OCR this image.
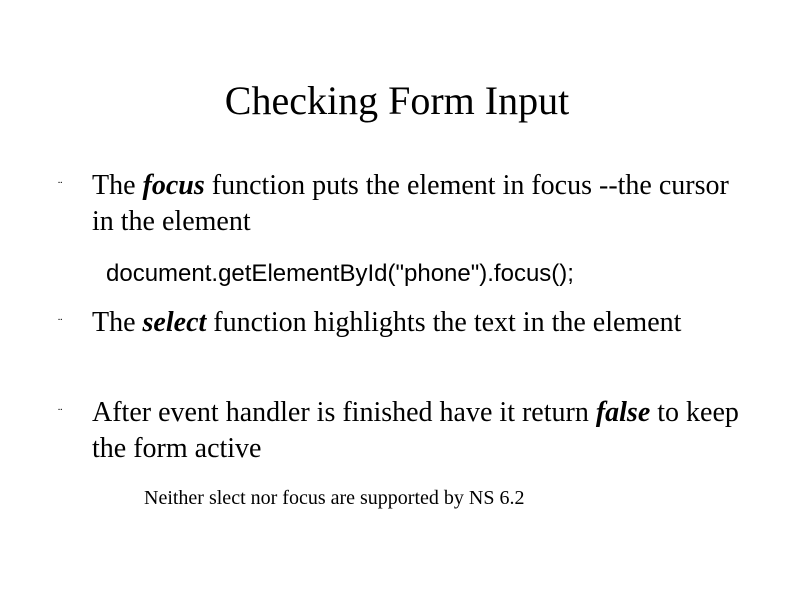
Checking Form Input
¨ The focus function puts the element in focus --the cursor in the element
document.getElementById("phone").focus();
¨ The select function highlights the text in the element
¨ After event handler is finished have it return false to keep the form active
Neither slect nor focus are supported by NS 6.2
